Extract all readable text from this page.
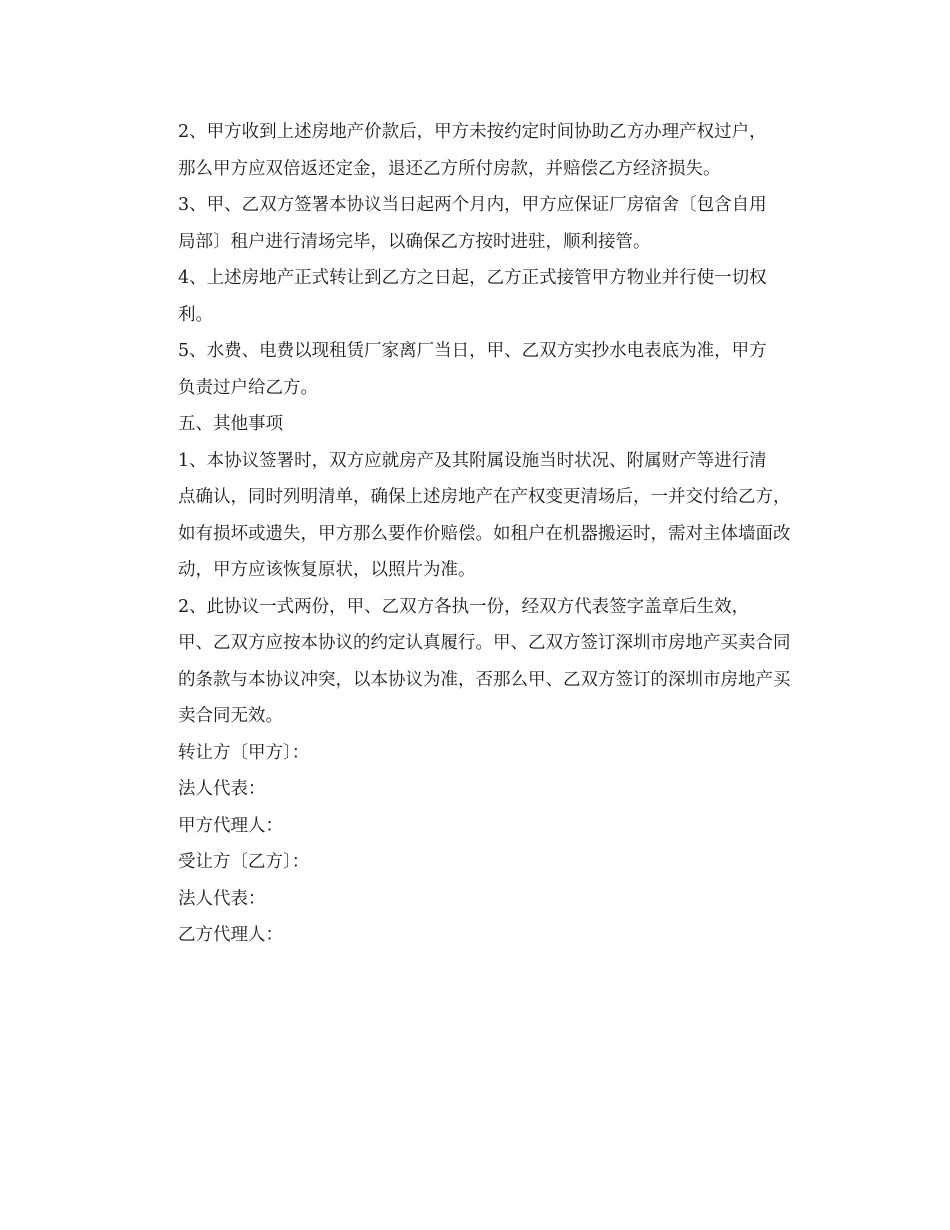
2、甲方收到上述房地产价款后，甲方未按约定时间协助乙方办理产权过户，
那么甲方应双倍返还定金，退还乙方所付房款，并赔偿乙方经济损失。

3、甲、乙双方签署本协议当日起两个月内，甲方应保证厂房宿舍〔包含自用
局部〕租户进行清场完毕，以确保乙方按时进驻，顺利接管。

4、上述房地产正式转让到乙方之日起，乙方正式接管甲方物业并行使一切权
利。

5、水费、电费以现租赁厂家离厂当日，甲、乙双方实抄水电表底为准，甲方
负责过户给乙方。

五、其他事项

1、本协议签署时，双方应就房产及其附属设施当时状况、附属财产等进行清
点确认，同时列明清单，确保上述房地产在产权变更清场后，一并交付给乙方，
如有损坏或遗失，甲方那么要作价赔偿。如租户在机器搬运时，需对主体墙面改
动，甲方应该恢复原状，以照片为准。

2、此协议一式两份，甲、乙双方各执一份，经双方代表签字盖章后生效，
甲、乙双方应按本协议的约定认真履行。甲、乙双方签订深圳市房地产买卖合同
的条款与本协议冲突，以本协议为准，否那么甲、乙双方签订的深圳市房地产买
卖合同无效。

转让方〔甲方〕：

法人代表：

甲方代理人：

受让方〔乙方〕：

法人代表：

乙方代理人：
